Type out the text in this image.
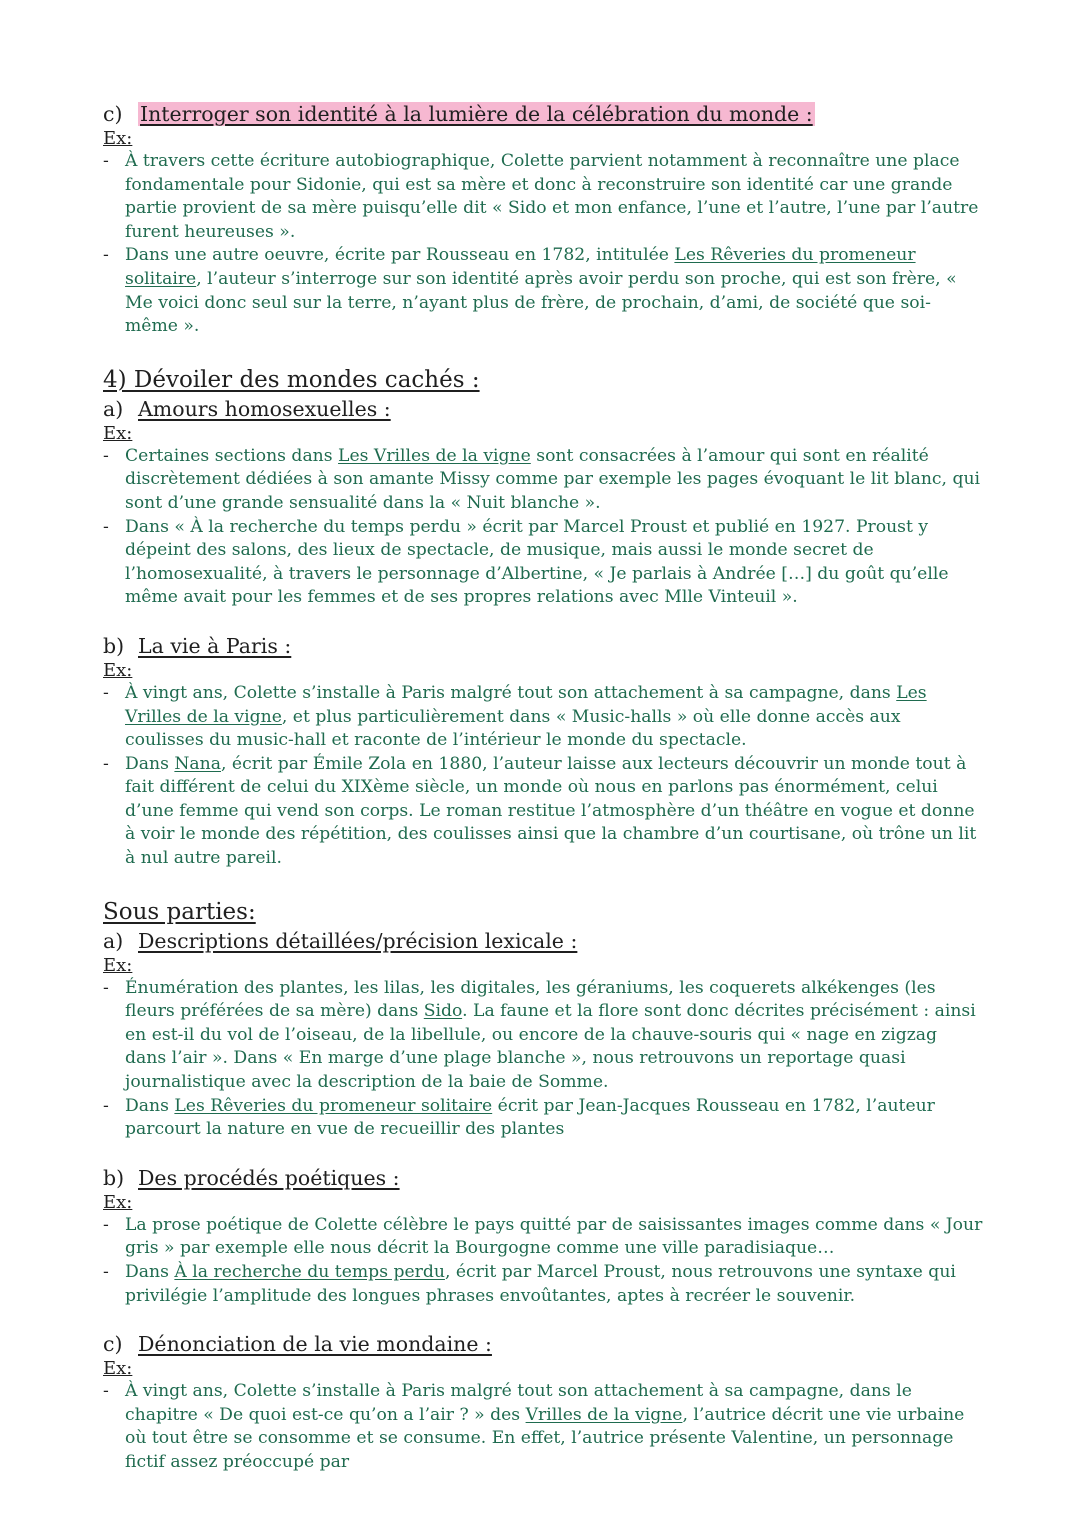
c) Interroger son identité à la lumière de la célébration du monde :
Ex:
- À travers cette écriture autobiographique, Colette parvient notamment à reconnaître une place fondamentale pour Sidonie, qui est sa mère et donc à reconstruire son identité car une grande partie provient de sa mère puisqu’elle dit « Sido et mon enfance, l’une et l’autre, l’une par l’autre furent heureuses ».
- Dans une autre oeuvre, écrite par Rousseau en 1782, intitulée Les Rêveries du promeneur solitaire, l’auteur s’interroge sur son identité après avoir perdu son proche, qui est son frère, « Me voici donc seul sur la terre, n’ayant plus de frère, de prochain, d’ami, de société que soi-même ».
4) Dévoiler des mondes cachés :
a) Amours homosexuelles :
Ex:
- Certaines sections dans Les Vrilles de la vigne sont consacrées à l’amour qui sont en réalité discrètement dédiées à son amante Missy comme par exemple les pages évoquant le lit blanc, qui sont d’une grande sensualité dans la « Nuit blanche ».
- Dans « À la recherche du temps perdu » écrit par Marcel Proust et publié en 1927. Proust y dépeint des salons, des lieux de spectacle, de musique, mais aussi le monde secret de l’homosexualité, à travers le personnage d’Albertine, « Je parlais à Andrée […] du goût qu’elle même avait pour les femmes et de ses propres relations avec Mlle Vinteuil ».
b) La vie à Paris :
Ex:
- À vingt ans, Colette s’installe à Paris malgré tout son attachement à sa campagne, dans Les Vrilles de la vigne, et plus particulièrement dans « Music-halls » où elle donne accès aux coulisses du music-hall et raconte de l’intérieur le monde du spectacle.
- Dans Nana, écrit par Émile Zola en 1880, l’auteur laisse aux lecteurs découvrir un monde tout à fait différent de celui du XIXème siècle, un monde où nous en parlons pas énormément, celui d’une femme qui vend son corps. Le roman restitue l’atmosphère d’un théâtre en vogue et donne à voir le monde des répétition, des coulisses ainsi que la chambre d’un courtisane, où trône un lit à nul autre pareil.
Sous parties:
a) Descriptions détaillées/précision lexicale :
Ex:
- Énumération des plantes, les lilas, les digitales, les géraniums, les coquerets alkékenges (les fleurs préférées de sa mère) dans Sido. La faune et la flore sont donc décrites précisément : ainsi en est-il du vol de l’oiseau, de la libellule, ou encore de la chauve-souris qui « nage en zigzag dans l’air ». Dans « En marge d’une plage blanche », nous retrouvons un reportage quasi journalistique avec la description de la baie de Somme.
- Dans Les Rêveries du promeneur solitaire écrit par Jean-Jacques Rousseau en 1782, l’auteur parcourt la nature en vue de recueillir des plantes
b) Des procédés poétiques :
Ex:
- La prose poétique de Colette célèbre le pays quitté par de saisissantes images comme dans « Jour gris » par exemple elle nous décrit la Bourgogne comme une ville paradisiaque…
- Dans À la recherche du temps perdu, écrit par Marcel Proust, nous retrouvons une syntaxe qui privilégie l’amplitude des longues phrases envoûtantes, aptes à recréer le souvenir.
c) Dénonciation de la vie mondaine :
Ex:
- À vingt ans, Colette s’installe à Paris malgré tout son attachement à sa campagne, dans le chapitre « De quoi est-ce qu’on a l’air ? » des Vrilles de la vigne, l’autrice décrit une vie urbaine où tout être se consomme et se consume. En effet, l’autrice présente Valentine, un personnage fictif assez préoccupé par
